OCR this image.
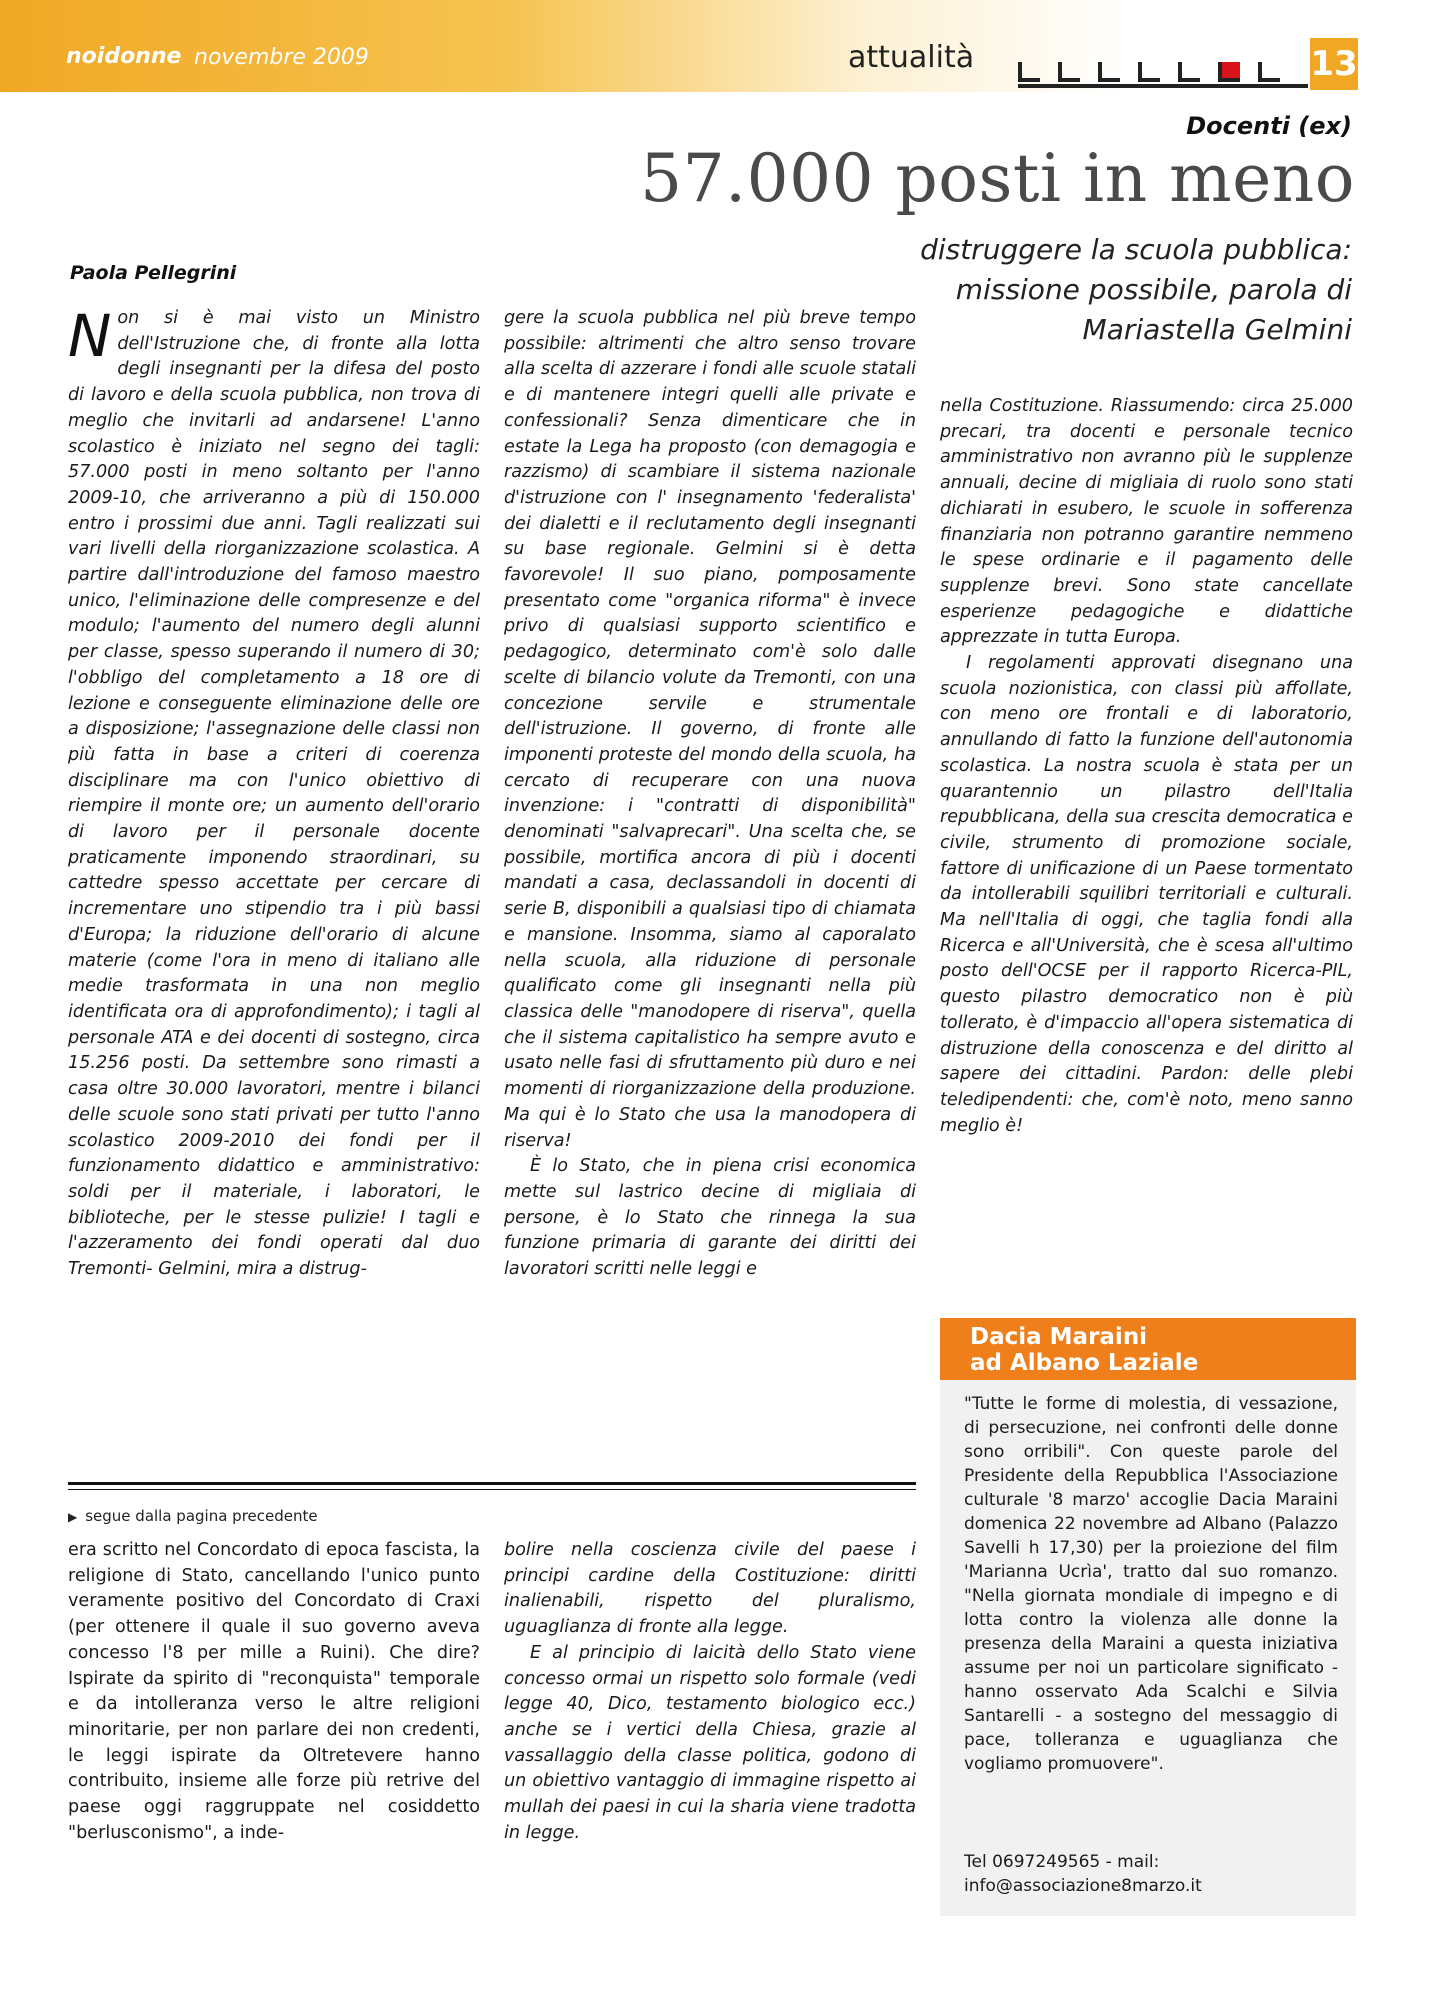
noidonne novembre 2009	attualità	13
Docenti (ex)
57.000 posti in meno
distruggere la scuola pubblica: missione possibile, parola di Mariastella Gelmini
Paola Pellegrini

Non si è mai visto un Ministro dell'Istruzione che, di fronte alla lotta degli insegnanti per la difesa del posto di lavoro e della scuola pubblica, non trova di meglio che invitarli ad andarsene! L'anno scolastico è iniziato nel segno dei tagli: 57.000 posti in meno soltanto per l'anno 2009-10, che arriveranno a più di 150.000 entro i prossimi due anni. Tagli realizzati sui vari livelli della riorganizzazione scolastica. A partire dall'introduzione del famoso maestro unico, l'eliminazione delle compresenze e del modulo; l'aumento del numero degli alunni per classe, spesso superando il numero di 30; l'obbligo del completamento a 18 ore di lezione e conseguente eliminazione delle ore a disposizione; l'assegnazione delle classi non più fatta in base a criteri di coerenza disciplinare ma con l'unico obiettivo di riempire il monte ore; un aumento dell'orario di lavoro per il personale docente praticamente imponendo straordinari, su cattedre spesso accettate per cercare di incrementare uno stipendio tra i più bassi d'Europa; la riduzione dell'orario di alcune materie (come l'ora in meno di italiano alle medie trasformata in una non meglio identificata ora di approfondimento); i tagli al personale ATA e dei docenti di sostegno, circa 15.256 posti. Da settembre sono rimasti a casa oltre 30.000 lavoratori, mentre i bilanci delle scuole sono stati privati per tutto l'anno scolastico 2009-2010 dei fondi per il funzionamento didattico e amministrativo: soldi per il materiale, i laboratori, le biblioteche, per le stesse pulizie! I tagli e l'azzeramento dei fondi operati dal duo Tremonti- Gelmini, mira a distrug-

gere la scuola pubblica nel più breve tempo possibile: altrimenti che altro senso trovare alla scelta di azzerare i fondi alle scuole statali e di mantenere integri quelli alle private e confessionali? Senza dimenticare che in estate la Lega ha proposto (con demagogia e razzismo) di scambiare il sistema nazionale d'istruzione con l' insegnamento 'federalista' dei dialetti e il reclutamento degli insegnanti su base regionale. Gelmini si è detta favorevole! Il suo piano, pomposamente presentato come "organica riforma" è invece privo di qualsiasi supporto scientifico e pedagogico, determinato com'è solo dalle scelte di bilancio volute da Tremonti, con una concezione servile e strumentale dell'istruzione. Il governo, di fronte alle imponenti proteste del mondo della scuola, ha cercato di recuperare con una nuova invenzione: i "contratti di disponibilità" denominati "salvaprecari". Una scelta che, se possibile, mortifica ancora di più i docenti mandati a casa, declassandoli in docenti di serie B, disponibili a qualsiasi tipo di chiamata e mansione. Insomma, siamo al caporalato nella scuola, alla riduzione di personale qualificato come gli insegnanti nella più classica delle "manodopere di riserva", quella che il sistema capitalistico ha sempre avuto e usato nelle fasi di sfruttamento più duro e nei momenti di riorganizzazione della produzione. Ma qui è lo Stato che usa la manodopera di riserva!

È lo Stato, che in piena crisi economica mette sul lastrico decine di migliaia di persone, è lo Stato che rinnega la sua funzione primaria di garante dei diritti dei lavoratori scritti nelle leggi e

nella Costituzione. Riassumendo: circa 25.000 precari, tra docenti e personale tecnico amministrativo non avranno più le supplenze annuali, decine di migliaia di ruolo sono stati dichiarati in esubero, le scuole in sofferenza finanziaria non potranno garantire nemmeno le spese ordinarie e il pagamento delle supplenze brevi. Sono state cancellate esperienze pedagogiche e didattiche apprezzate in tutta Europa.

I regolamenti approvati disegnano una scuola nozionistica, con classi più affollate, con meno ore frontali e di laboratorio, annullando di fatto la funzione dell'autonomia scolastica. La nostra scuola è stata per un quarantennio un pilastro dell'Italia repubblicana, della sua crescita democratica e civile, strumento di promozione sociale, fattore di unificazione di un Paese tormentato da intollerabili squilibri territoriali e culturali. Ma nell'Italia di oggi, che taglia fondi alla Ricerca e all'Università, che è scesa all'ultimo posto dell'OCSE per il rapporto Ricerca-PIL, questo pilastro democratico non è più tollerato, è d'impaccio all'opera sistematica di distruzione della conoscenza e del diritto al sapere dei cittadini. Pardon: delle plebi teledipendenti: che, com'è noto, meno sanno meglio è!

▶ segue dalla pagina precedente

era scritto nel Concordato di epoca fascista, la religione di Stato, cancellando l'unico punto veramente positivo del Concordato di Craxi (per ottenere il quale il suo governo aveva concesso l'8 per mille a Ruini). Che dire? Ispirate da spirito di "reconquista" temporale e da intolleranza verso le altre religioni minoritarie, per non parlare dei non credenti, le leggi ispirate da Oltretevere hanno contribuito, insieme alle forze più retrive del paese oggi raggruppate nel cosiddetto "berlusconismo", a inde-

bolire nella coscienza civile del paese i principi cardine della Costituzione: diritti inalienabili, rispetto del pluralismo, uguaglianza di fronte alla legge.

E al principio di laicità dello Stato viene concesso ormai un rispetto solo formale (vedi legge 40, Dico, testamento biologico ecc.) anche se i vertici della Chiesa, grazie al vassallaggio della classe politica, godono di un obiettivo vantaggio di immagine rispetto ai mullah dei paesi in cui la sharia viene tradotta in legge.

Dacia Maraini
ad Albano Laziale

"Tutte le forme di molestia, di vessazione, di persecuzione, nei confronti delle donne sono orribili". Con queste parole del Presidente della Repubblica l'Associazione culturale '8 marzo' accoglie Dacia Maraini domenica 22 novembre ad Albano (Palazzo Savelli h 17,30) per la proiezione del film 'Marianna Ucrìa', tratto dal suo romanzo. "Nella giornata mondiale di impegno e di lotta contro la violenza alle donne la presenza della Maraini a questa iniziativa assume per noi un particolare significato - hanno osservato Ada Scalchi e Silvia Santarelli - a sostegno del messaggio di pace, tolleranza e uguaglianza che vogliamo promuovere".

Tel 0697249565 - mail: info@associazione8marzo.it
